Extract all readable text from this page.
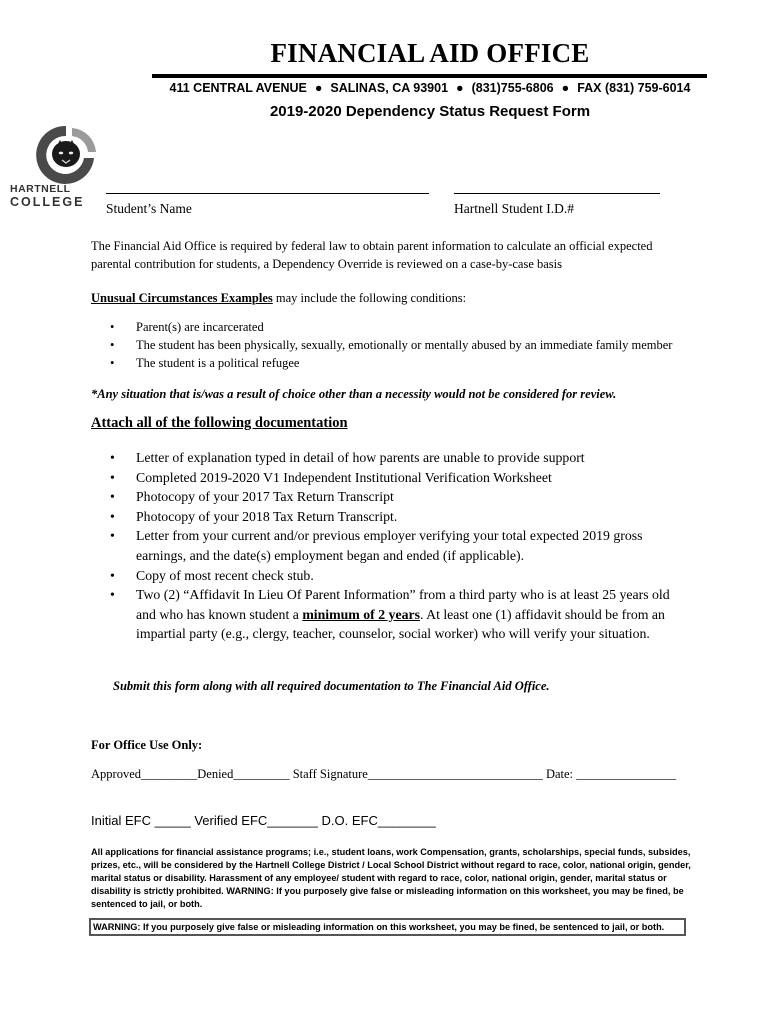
FINANCIAL AID OFFICE
411 CENTRAL AVENUE ● SALINAS, CA 93901 ● (831)755-6806 ● FAX (831) 759-6014
2019-2020 Dependency Status Request Form
HARTNELL
COLLEGE	Student’s Name	Hartnell Student I.D.#
The Financial Aid Office is required by federal law to obtain parent information to calculate an official expected parental contribution for students, a Dependency Override is reviewed on a case-by-case basis
Unusual Circumstances Examples may include the following conditions:
• Parent(s) are incarcerated
• The student has been physically, sexually, emotionally or mentally abused by an immediate family member
• The student is a political refugee
*Any situation that is/was a result of choice other than a necessity would not be considered for review.
Attach all of the following documentation
• Letter of explanation typed in detail of how parents are unable to provide support
• Completed 2019-2020 V1 Independent Institutional Verification Worksheet
• Photocopy of your 2017 Tax Return Transcript
• Photocopy of your 2018 Tax Return Transcript.
• Letter from your current and/or previous employer verifying your total expected 2019 gross earnings, and the date(s) employment began and ended (if applicable).
• Copy of most recent check stub.
• Two (2) “Affidavit In Lieu Of Parent Information” from a third party who is at least 25 years old and who has known student a minimum of 2 years. At least one (1) affidavit should be from an impartial party (e.g., clergy, teacher, counselor, social worker) who will verify your situation.
Submit this form along with all required documentation to The Financial Aid Office.
For Office Use Only:
Approved_________Denied_________ Staff Signature____________________________ Date: ________________
Initial EFC _____ Verified EFC_______ D.O. EFC________
All applications for financial assistance programs; i.e., student loans, work Compensation, grants, scholarships, special funds, subsides, prizes, etc., will be considered by the Hartnell College District / Local School District without regard to race, color, national origin, gender, marital status or disability. Harassment of any employee/ student with regard to race, color, national origin, gender, marital status or disability is strictly prohibited. WARNING: If you purposely give false or misleading information on this worksheet, you may be fined, be sentenced to jail, or both.
WARNING: If you purposely give false or misleading information on this worksheet, you may be fined, be sentenced to jail, or both.
